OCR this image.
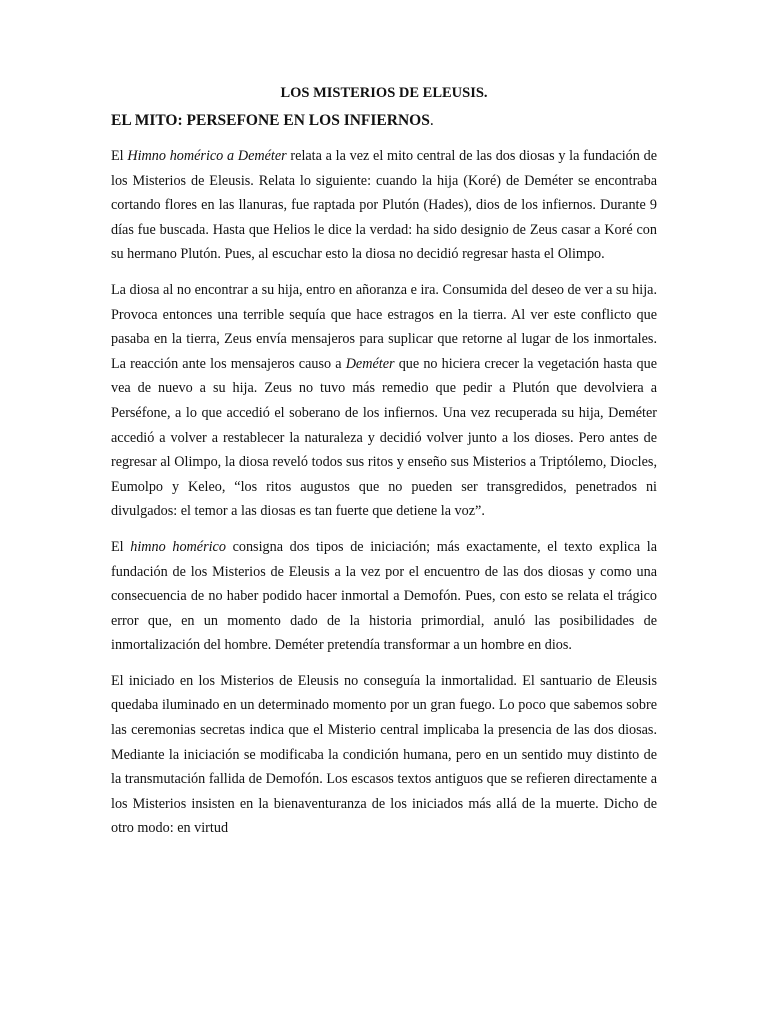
LOS MISTERIOS DE ELEUSIS.
EL MITO: PERSEFONE EN LOS INFIERNOS.

El Himno homérico a Deméter relata a la vez el mito central de las dos diosas y la fundación de los Misterios de Eleusis. Relata lo siguiente: cuando la hija (Koré) de Deméter se encontraba cortando flores en las llanuras, fue raptada por Plutón (Hades), dios de los infiernos. Durante 9 días fue buscada. Hasta que Helios le dice la verdad: ha sido designio de Zeus casar a Koré con su hermano Plutón. Pues, al escuchar esto la diosa no decidió regresar hasta el Olimpo.

La diosa al no encontrar a su hija, entro en añoranza e ira. Consumida del deseo de ver a su hija. Provoca entonces una terrible sequía que hace estragos en la tierra. Al ver este conflicto que pasaba en la tierra, Zeus envía mensajeros para suplicar que retorne al lugar de los inmortales. La reacción ante los mensajeros causo a Deméter que no hiciera crecer la vegetación hasta que vea de nuevo a su hija. Zeus no tuvo más remedio que pedir a Plutón que devolviera a Perséfone, a lo que accedió el soberano de los infiernos. Una vez recuperada su hija, Deméter accedió a volver a restablecer la naturaleza y decidió volver junto a los dioses. Pero antes de regresar al Olimpo, la diosa reveló todos sus ritos y enseño sus Misterios a Triptólemo, Diocles, Eumolpo y Keleo, “los ritos augustos que no pueden ser transgredidos, penetrados ni divulgados: el temor a las diosas es tan fuerte que detiene la voz”.

El himno homérico consigna dos tipos de iniciación; más exactamente, el texto explica la fundación de los Misterios de Eleusis a la vez por el encuentro de las dos diosas y como una consecuencia de no haber podido hacer inmortal a Demofón. Pues, con esto se relata el trágico error que, en un momento dado de la historia primordial, anuló las posibilidades de inmortalización del hombre. Deméter pretendía transformar a un hombre en dios.

El iniciado en los Misterios de Eleusis no conseguía la inmortalidad. El santuario de Eleusis quedaba iluminado en un determinado momento por un gran fuego. Lo poco que sabemos sobre las ceremonias secretas indica que el Misterio central implicaba la presencia de las dos diosas. Mediante la iniciación se modificaba la condición humana, pero en un sentido muy distinto de la transmutación fallida de Demofón. Los escasos textos antiguos que se refieren directamente a los Misterios insisten en la bienaventuranza de los iniciados más allá de la muerte. Dicho de otro modo: en virtud
